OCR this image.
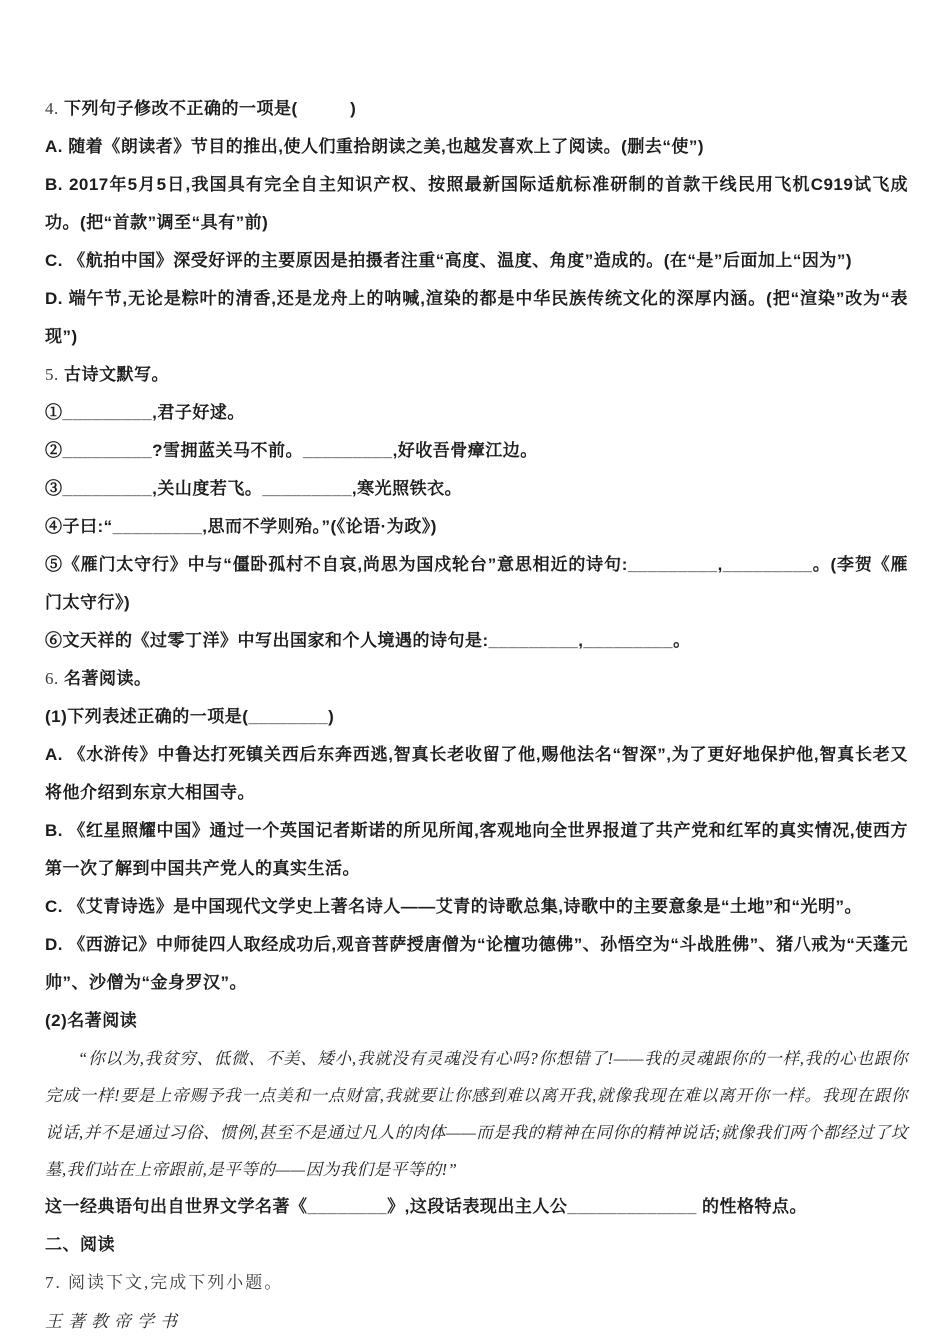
4. 下列句子修改不正确的一项是(　　　)

A. 随着《朗读者》节目的推出,使人们重拾朗读之美,也越发喜欢上了阅读。(删去“使”)

B. 2017年5月5日,我国具有完全自主知识产权、按照最新国际适航标准研制的首款干线民用飞机C919试飞成功。(把“首款”调至“具有”前)

C. 《航拍中国》深受好评的主要原因是拍摄者注重“高度、温度、角度”造成的。(在“是”后面加上“因为”)

D. 端午节,无论是粽叶的清香,还是龙舟上的呐喊,渲染的都是中华民族传统文化的深厚内涵。(把“渲染”改为“表现”)

5. 古诗文默写。

①_________,君子好逑。

②_________?雪拥蓝关马不前。_________,好收吾骨瘴江边。

③_________,关山度若飞。_________,寒光照铁衣。

④子曰:“_________,思而不学则殆。”(《论语·为政》)

⑤《雁门太守行》中与“僵卧孤村不自哀,尚思为国戍轮台”意思相近的诗句:_________,_________。(李贺《雁门太守行》)

⑥文天祥的《过零丁洋》中写出国家和个人境遇的诗句是:_________,_________。

6. 名著阅读。

(1)下列表述正确的一项是(________)

A. 《水浒传》中鲁达打死镇关西后东奔西逃,智真长老收留了他,赐他法名“智深”,为了更好地保护他,智真长老又将他介绍到东京大相国寺。

B. 《红星照耀中国》通过一个英国记者斯诺的所见所闻,客观地向全世界报道了共产党和红军的真实情况,使西方第一次了解到中国共产党人的真实生活。

C. 《艾青诗选》是中国现代文学史上著名诗人——艾青的诗歌总集,诗歌中的主要意象是“土地”和“光明”。

D. 《西游记》中师徒四人取经成功后,观音菩萨授唐僧为“论檀功德佛”、孙悟空为“斗战胜佛”、猪八戒为“天蓬元帅”、沙僧为“金身罗汉”。

(2)名著阅读

“你以为,我贫穷、低微、不美、矮小,我就没有灵魂没有心吗?你想错了!——我的灵魂跟你的一样,我的心也跟你完成一样!要是上帝赐予我一点美和一点财富,我就要让你感到难以离开我,就像我现在难以离开你一样。我现在跟你说话,并不是通过习俗、惯例,甚至不是通过凡人的肉体——而是我的精神在同你的精神说话;就像我们两个都经过了坟墓,我们站在上帝跟前,是平等的——因为我们是平等的!”

这一经典语句出自世界文学名著《________》,这段话表现出主人公_____________ 的性格特点。

二、阅读

7. 阅读下文,完成下列小题。

王著教帝学书
